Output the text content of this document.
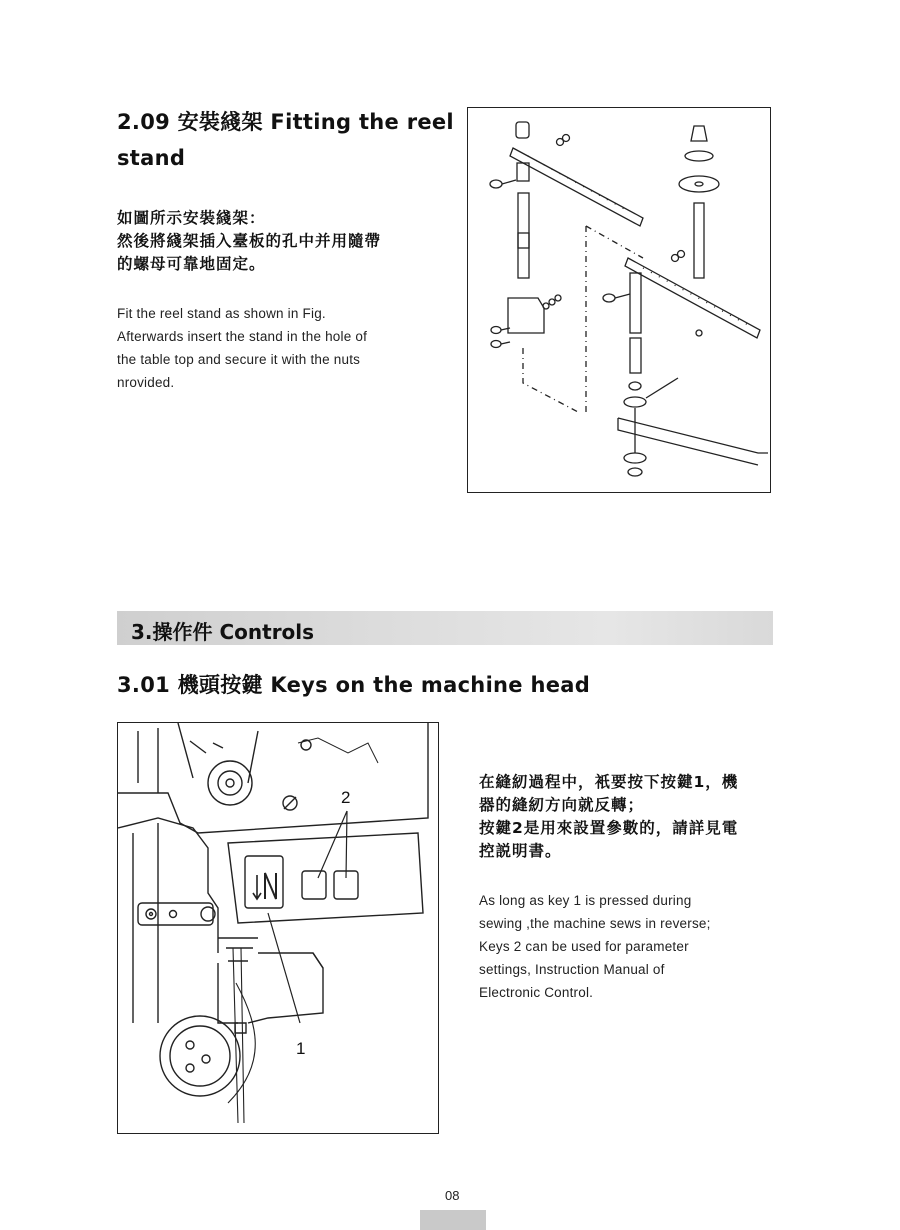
2.09 安裝綫架 Fitting the reel
stand
如圖所示安裝綫架：
然後將綫架插入臺板的孔中并用隨帶
的螺母可靠地固定。
Fit the reel stand as shown in Fig.
Afterwards insert the stand in the hole of
the table top and secure it with the nuts
nrovided.
3.操作件 Controls
3.01 機頭按鍵 Keys on the machine head
2
1
在縫紉過程中，衹要按下按鍵1，機
器的縫紉方向就反轉；
按鍵2是用來設置參數的，請詳見電
控説明書。
As long as key 1 is pressed during
sewing ,the machine sews in reverse;
Keys 2 can be used for parameter
settings, Instruction Manual of
Electronic Control.
08
